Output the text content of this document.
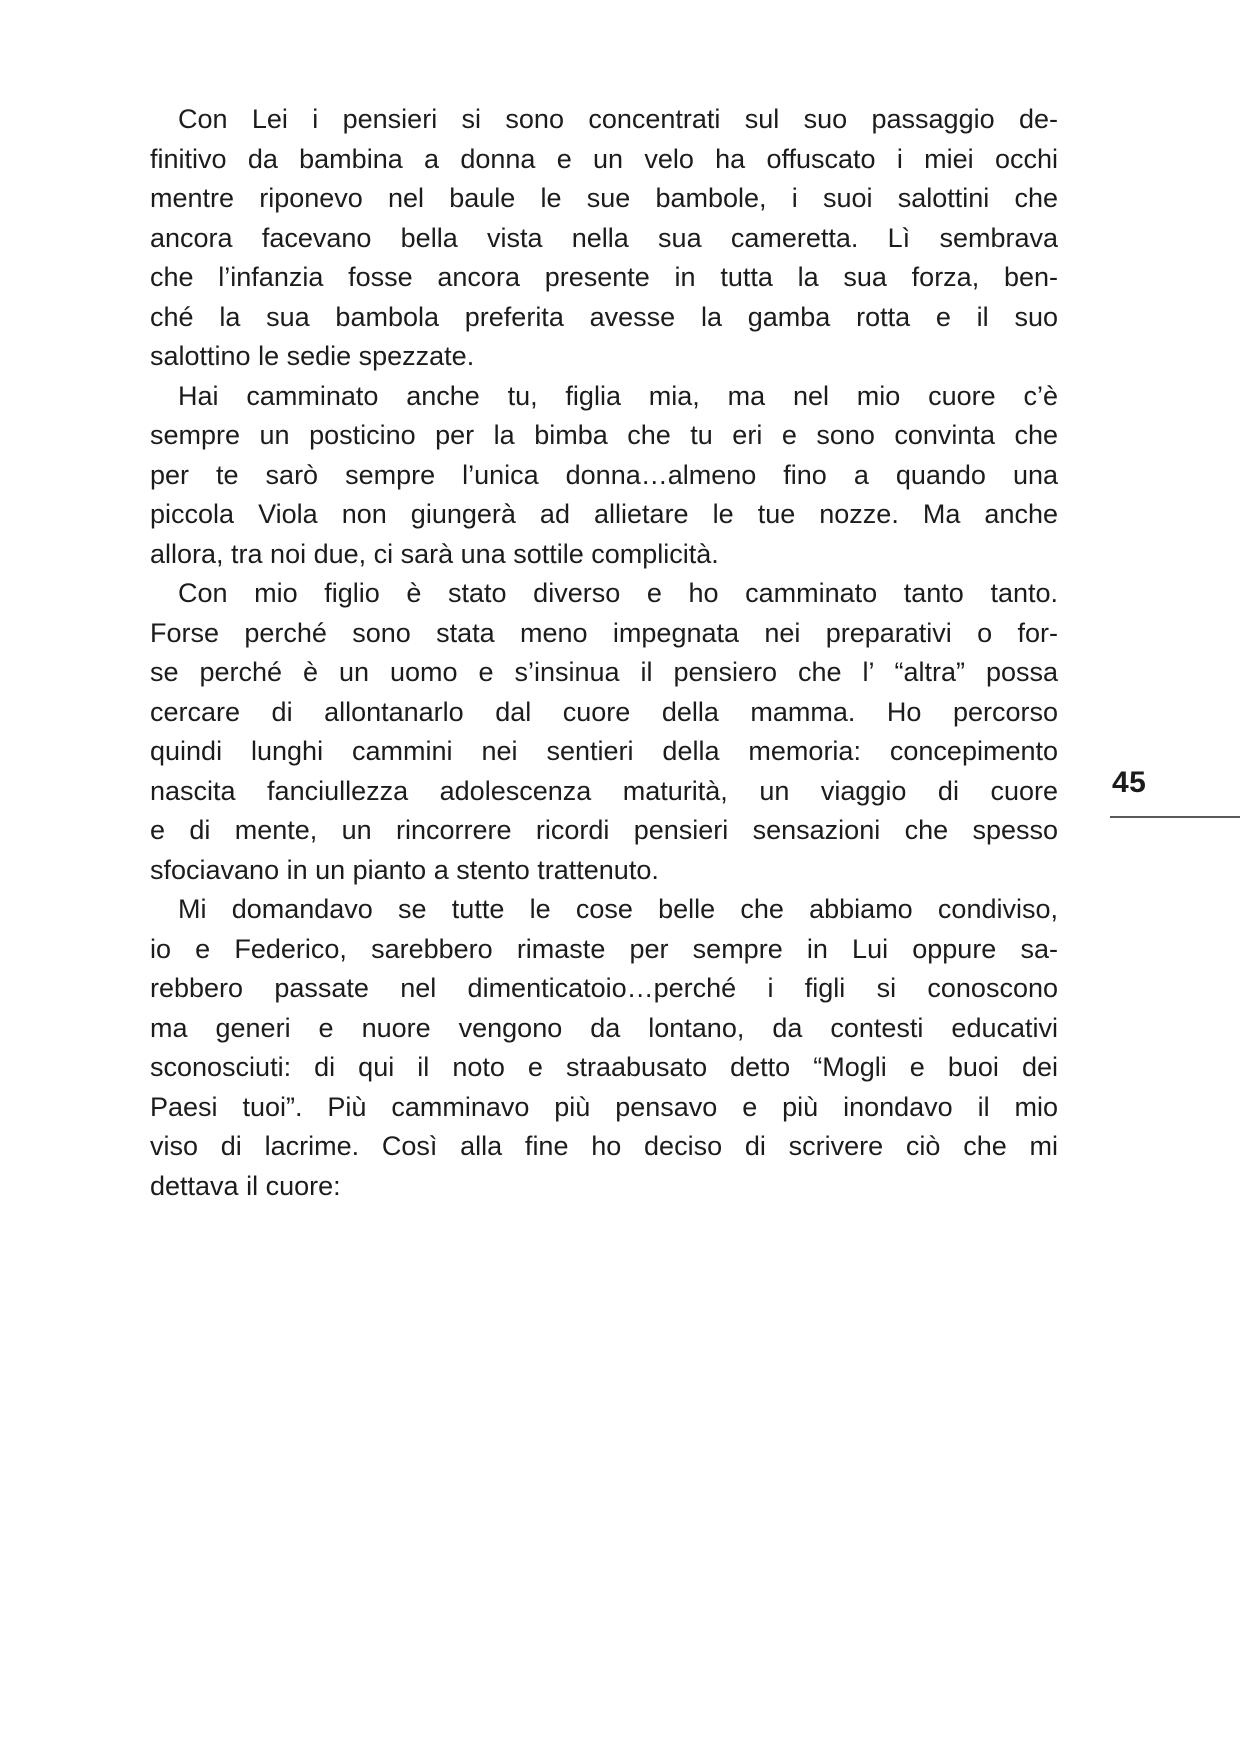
Con Lei i pensieri si sono concentrati sul suo passaggio de-
finitivo da bambina a donna e un velo ha offuscato i miei occhi
mentre riponevo nel baule le sue bambole, i suoi salottini che
ancora facevano bella vista nella sua cameretta. Lì sembrava
che l’infanzia fosse ancora presente in tutta la sua forza, ben-
ché la sua bambola preferita avesse la gamba rotta e il suo
salottino le sedie spezzate.
Hai camminato anche tu, figlia mia, ma nel mio cuore c’è
sempre un posticino per la bimba che tu eri e sono convinta che
per te sarò sempre l’unica donna…almeno fino a quando una
piccola Viola non giungerà ad allietare le tue nozze. Ma anche
allora, tra noi due, ci sarà una sottile complicità.
Con mio figlio è stato diverso e ho camminato tanto tanto.
Forse perché sono stata meno impegnata nei preparativi o for-
se perché è un uomo e s’insinua il pensiero che l’ “altra” possa
cercare di allontanarlo dal cuore della mamma. Ho percorso
quindi lunghi cammini nei sentieri della memoria: concepimento
nascita fanciullezza adolescenza maturità, un viaggio di cuore
e di mente, un rincorrere ricordi pensieri sensazioni che spesso
sfociavano in un pianto a stento trattenuto.
Mi domandavo se tutte le cose belle che abbiamo condiviso,
io e Federico, sarebbero rimaste per sempre in Lui oppure sa-
rebbero passate nel dimenticatoio…perché i figli si conoscono
ma generi e nuore vengono da lontano, da contesti educativi
sconosciuti: di qui il noto e straabusato detto “Mogli e buoi dei
Paesi tuoi”. Più camminavo più pensavo e più inondavo il mio
viso di lacrime. Così alla fine ho deciso di scrivere ciò che mi
dettava il cuore:
45
